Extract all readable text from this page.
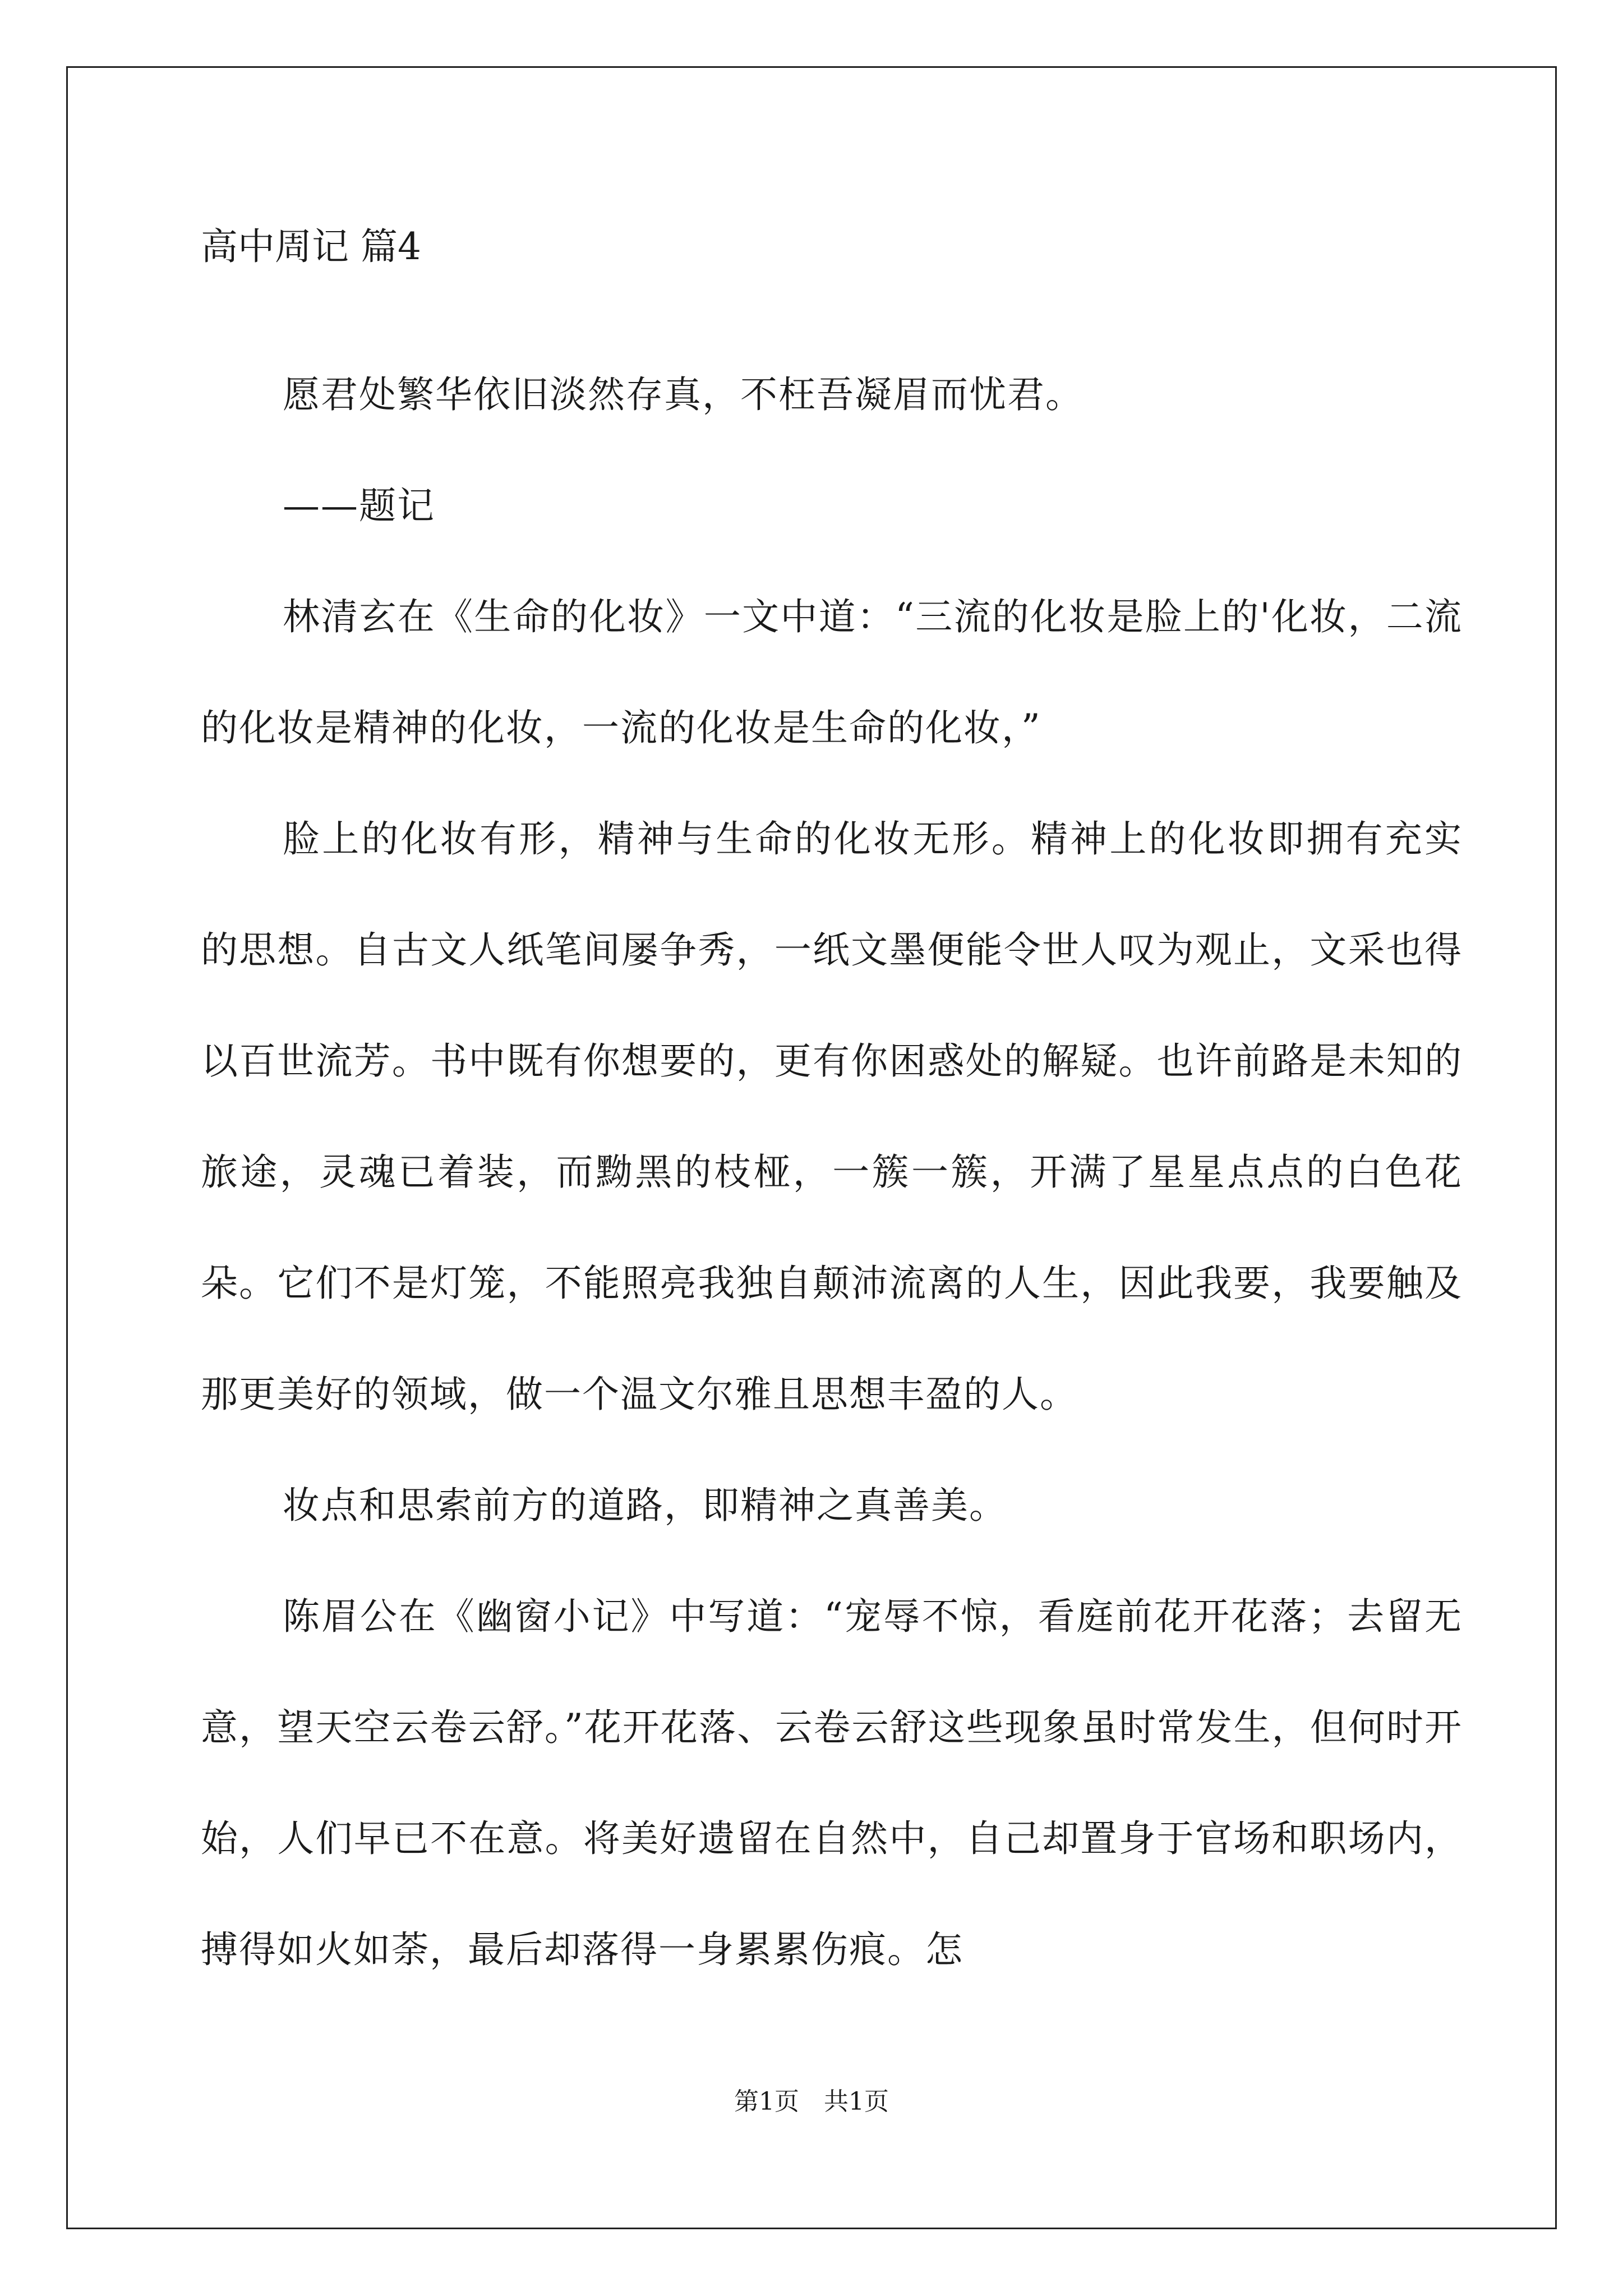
高中周记 篇4

愿君处繁华依旧淡然存真，不枉吾凝眉而忧君。

——题记

林清玄在《生命的化妆》一文中道：“三流的化妆是脸上的'化妆，二流的化妆是精神的化妆，一流的化妆是生命的化妆，”

脸上的化妆有形，精神与生命的化妆无形。精神上的化妆即拥有充实的思想。自古文人纸笔间屡争秀，一纸文墨便能令世人叹为观止，文采也得以百世流芳。书中既有你想要的，更有你困惑处的解疑。也许前路是未知的旅途，灵魂已着装，而黝黑的枝桠，一簇一簇，开满了星星点点的白色花朵。它们不是灯笼，不能照亮我独自颠沛流离的人生，因此我要，我要触及那更美好的领域，做一个温文尔雅且思想丰盈的人。

妆点和思索前方的道路，即精神之真善美。

陈眉公在《幽窗小记》中写道：“宠辱不惊，看庭前花开花落；去留无意，望天空云卷云舒。”花开花落、云卷云舒这些现象虽时常发生，但何时开始，人们早已不在意。将美好遗留在自然中，自己却置身于官场和职场内，搏得如火如荼，最后却落得一身累累伤痕。怎

第1页　共1页
